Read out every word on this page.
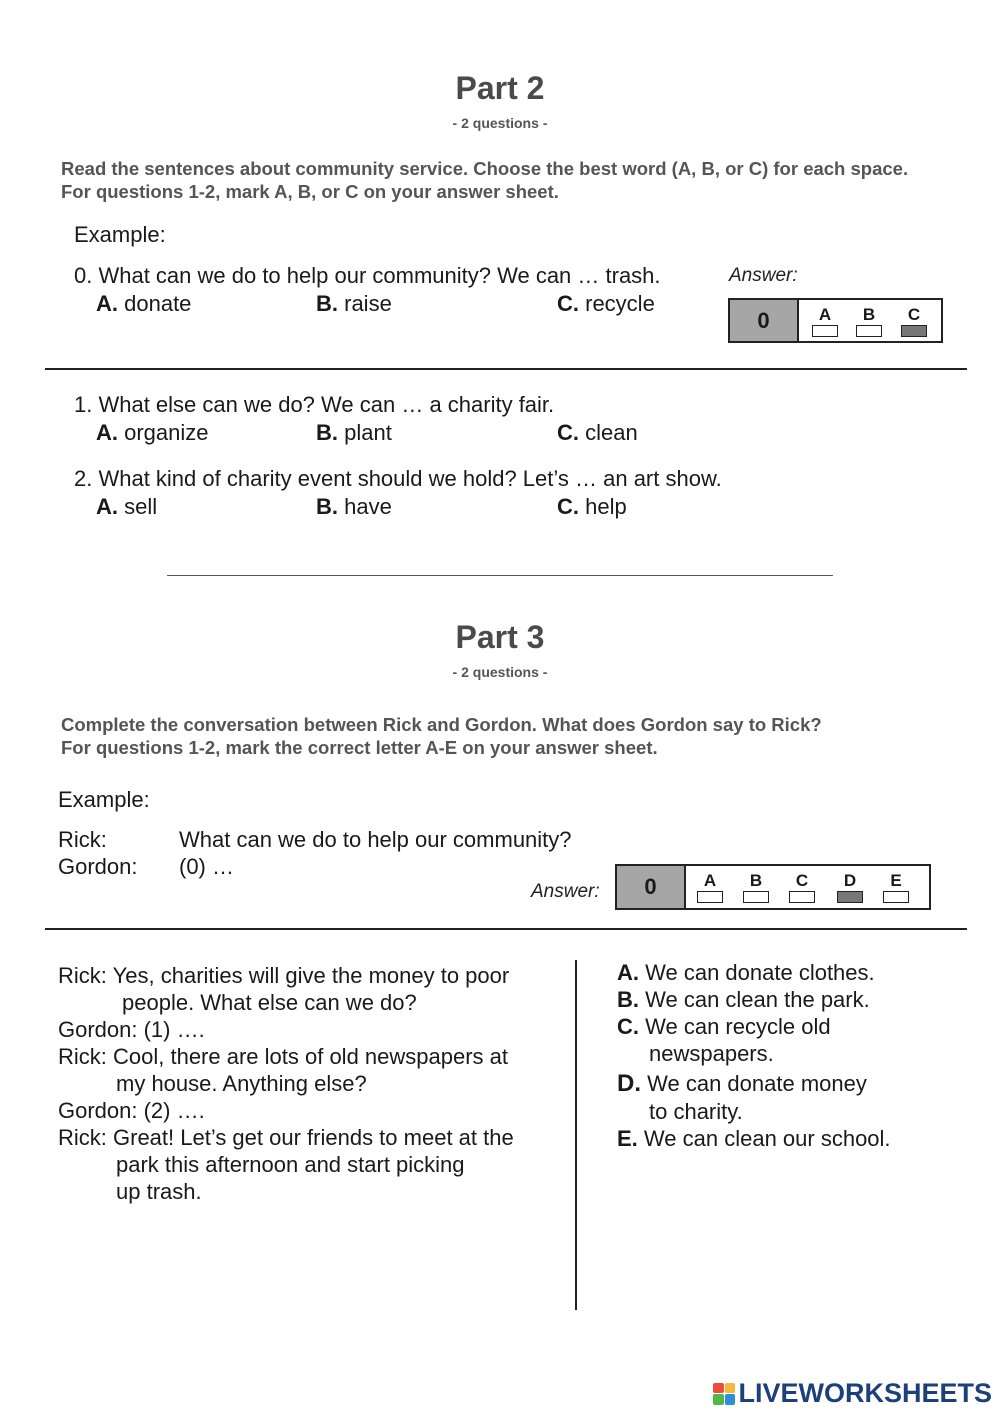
Part 2
- 2 questions -
Read the sentences about community service. Choose the best word (A, B, or C) for each space. For questions 1-2, mark A, B, or C on your answer sheet.
Example:
0. What can we do to help our community? We can … trash.
A. donate	B. raise	C. recycle
Answer:
0	A	B	C
1. What else can we do? We can … a charity fair.
A. organize	B. plant	C. clean
2. What kind of charity event should we hold? Let’s … an art show.
A. sell	B. have	C. help
Part 3
- 2 questions -
Complete the conversation between Rick and Gordon. What does Gordon say to Rick?
For questions 1-2, mark the correct letter A-E on your answer sheet.
Example:
Rick:	What can we do to help our community?
Gordon: (0) …
Answer:	0	A	B	C	D	E
Rick: Yes, charities will give the money to poor
people. What else can we do?
Gordon: (1) ….
Rick: Cool, there are lots of old newspapers at
my house. Anything else?
Gordon: (2) ….
Rick: Great! Let’s get our friends to meet at the
park this afternoon and start picking
up trash.
A. We can donate clothes.
B. We can clean the park.
C. We can recycle old
newspapers.
D. We can donate money
to charity.
E. We can clean our school.
LIVEWORKSHEETS
